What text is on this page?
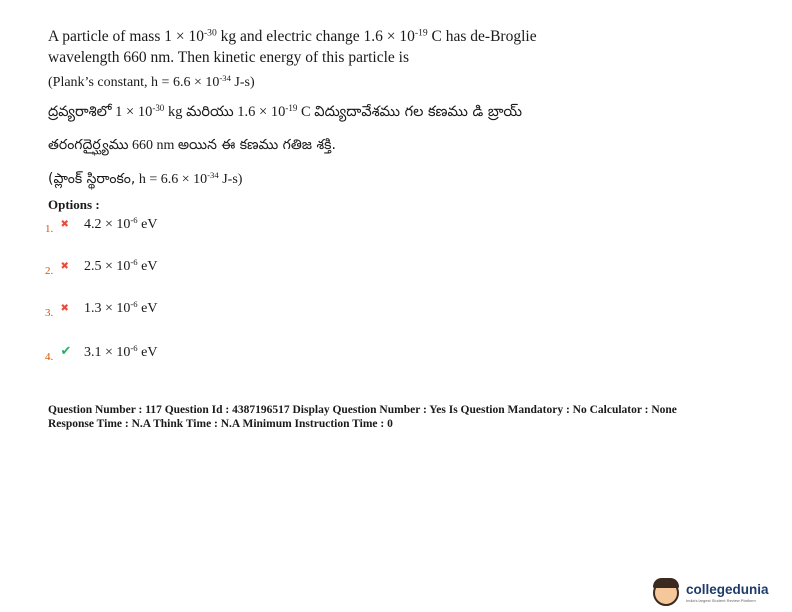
A particle of mass $1 \times 10^{-30}$ kg and electric change $1.6 \times 10^{-19}$ C has de-Broglie
wavelength 660 nm. Then kinetic energy of this particle is
(Plank’s constant, $h = 6.6 \times 10^{-34}$ J-s)
ద్రవ్యరాశిలో $1 \times 10^{-30}$ kg మరియు $1.6 \times 10^{-19}$ C విద్యుదావేశము గల కణము డి బ్రాయ్
తరంగదైర్ఘ్యము 660 nm అయిన ఈ కణము గతిజ శక్తి.
(ప్లాంక్ స్థిరాంకం, $h = 6.6 \times 10^{-34}$ J-s)
Options :
1. ✖ $4.2 \times 10^{-6}$ eV
2. ✖ $2.5 \times 10^{-6}$ eV
3. ✖ $1.3 \times 10^{-6}$ eV
4. ✔ $3.1 \times 10^{-6}$ eV
Question Number : 117 Question Id : 4387196517 Display Question Number : Yes Is Question Mandatory : No Calculator : None
Response Time : N.A Think Time : N.A Minimum Instruction Time : 0
collegedunia
India's largest Student Review Platform
